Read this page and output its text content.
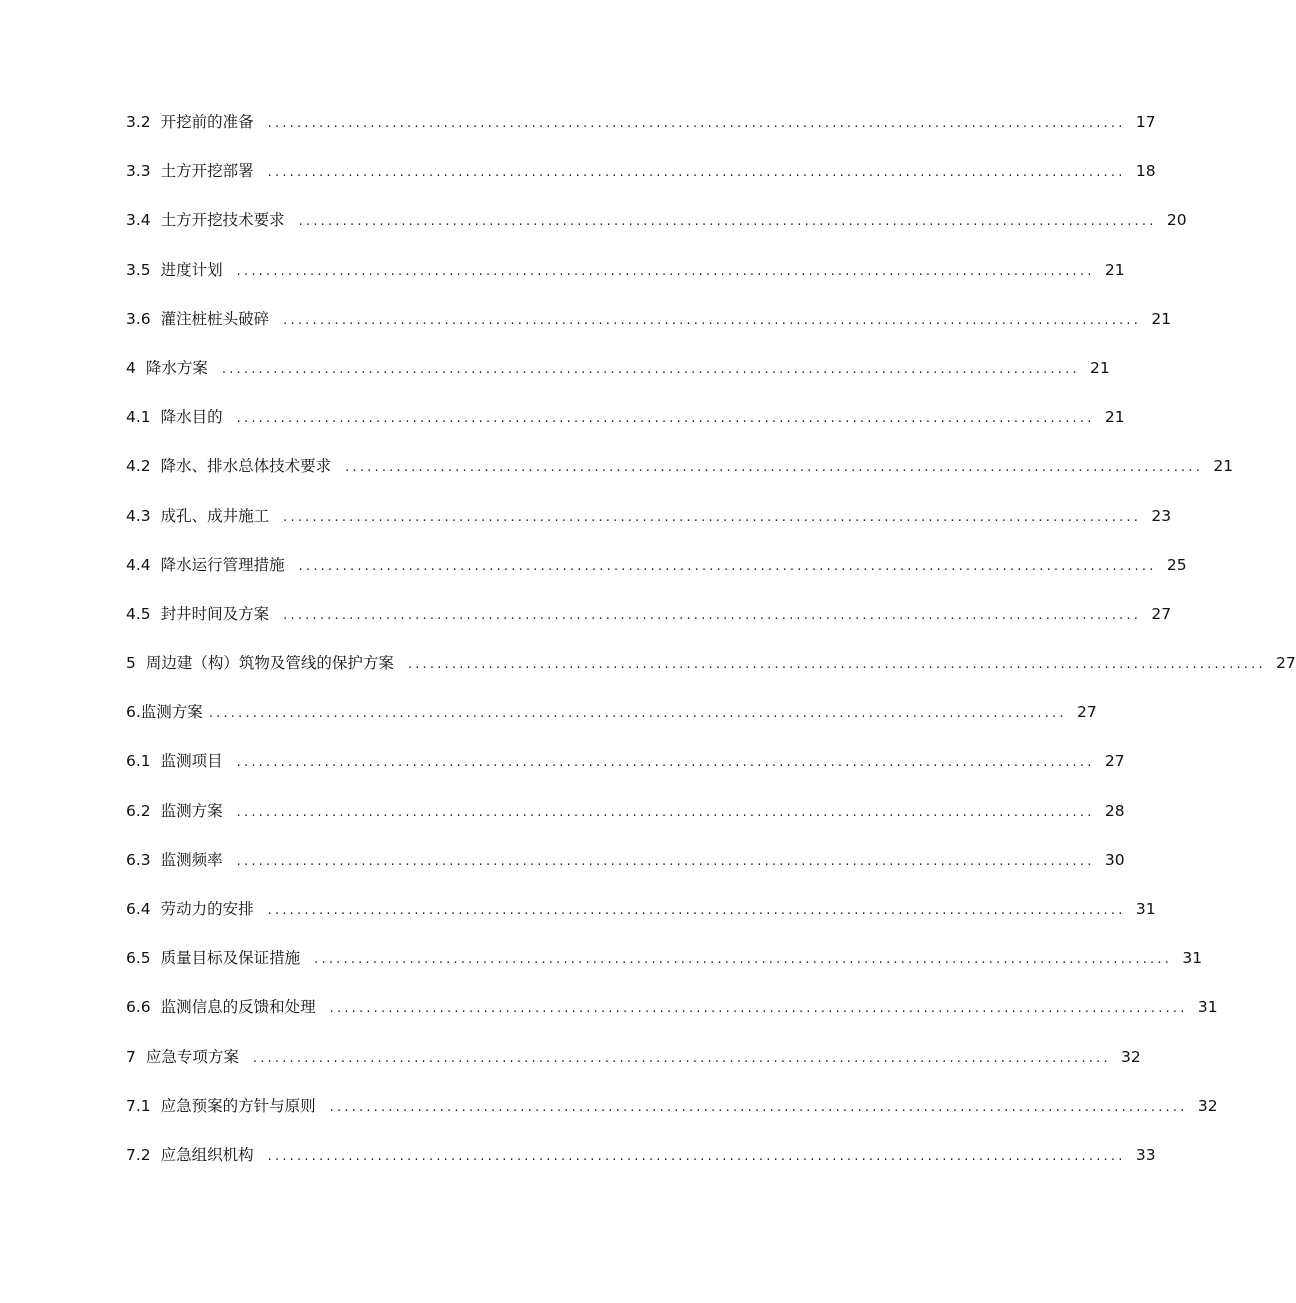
3.2 开挖前的准备 ..................................................................................................................... 17
3.3 土方开挖部署 ..................................................................................................................... 18
3.4 土方开挖技术要求 ..................................................................................................................... 20
3.5 进度计划 ..................................................................................................................... 21
3.6 灌注桩桩头破碎 ..................................................................................................................... 21
4 降水方案 ..................................................................................................................... 21
4.1 降水目的 ..................................................................................................................... 21
4.2 降水、排水总体技术要求 ..................................................................................................................... 21
4.3 成孔、成井施工 ..................................................................................................................... 23
4.4 降水运行管理措施 ..................................................................................................................... 25
4.5 封井时间及方案 ..................................................................................................................... 27
5 周边建（构）筑物及管线的保护方案 ..................................................................................................................... 27
6. 监测方案 ..................................................................................................................... 27
6.1 监测项目 ..................................................................................................................... 27
6.2 监测方案 ..................................................................................................................... 28
6.3 监测频率 ..................................................................................................................... 30
6.4 劳动力的安排 ..................................................................................................................... 31
6.5 质量目标及保证措施 ..................................................................................................................... 31
6.6 监测信息的反馈和处理 ..................................................................................................................... 31
7 应急专项方案 ..................................................................................................................... 32
7.1 应急预案的方针与原则 ..................................................................................................................... 32
7.2 应急组织机构 ..................................................................................................................... 33
